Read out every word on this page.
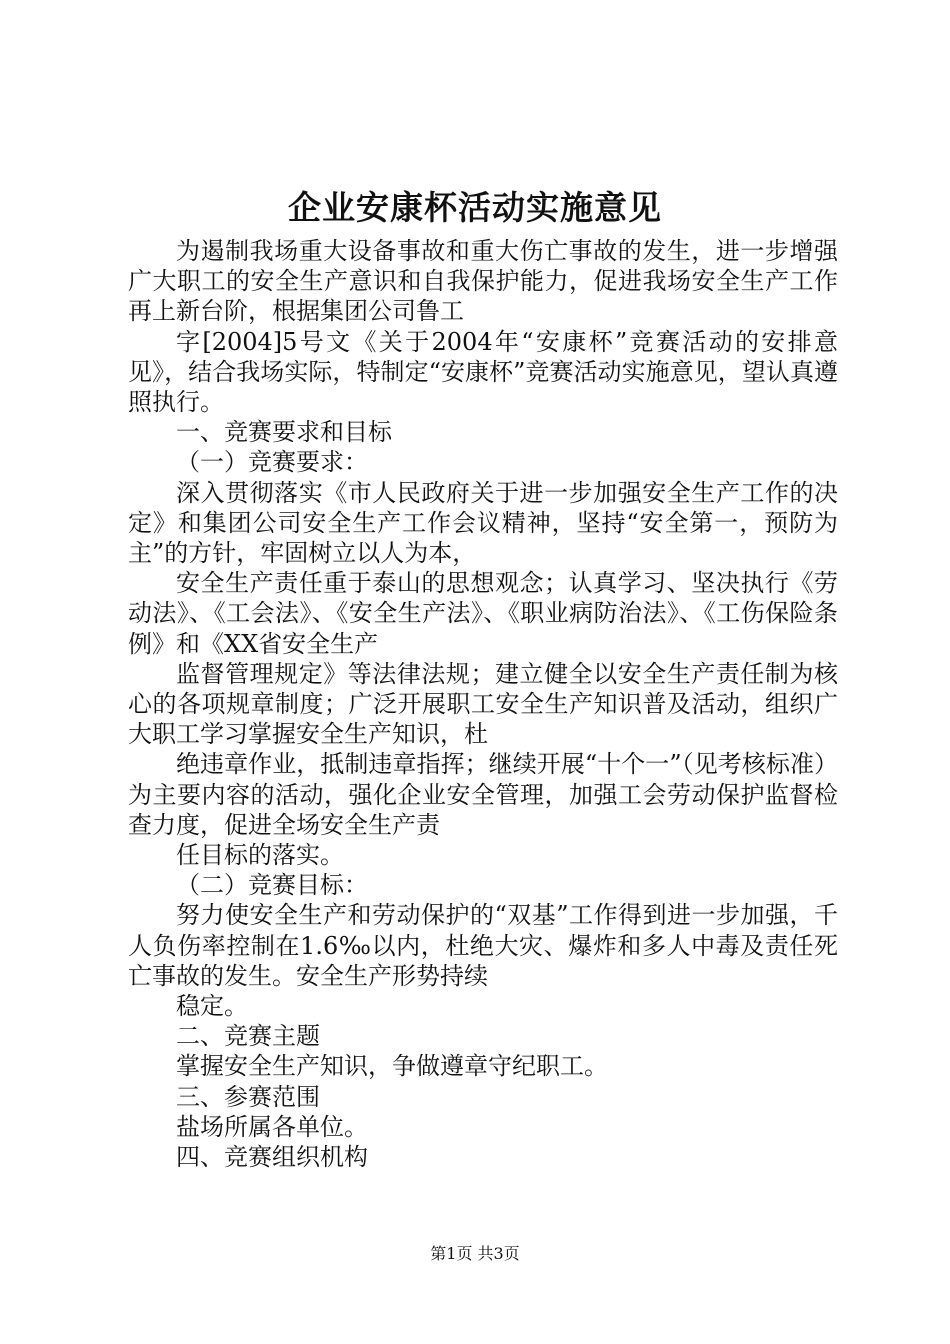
企业安康杯活动实施意见

为遏制我场重大设备事故和重大伤亡事故的发生，进一步增强广大职工的安全生产意识和自我保护能力，促进我场安全生产工作再上新台阶，根据集团公司鲁工

字[2004]5号文《关于2004年“安康杯”竞赛活动的安排意见》，结合我场实际，特制定“安康杯”竞赛活动实施意见，望认真遵照执行。

一、竞赛要求和目标

（一）竞赛要求：

深入贯彻落实《市人民政府关于进一步加强安全生产工作的决定》和集团公司安全生产工作会议精神，坚持“安全第一，预防为主”的方针，牢固树立以人为本，

安全生产责任重于泰山的思想观念；认真学习、坚决执行《劳动法》、《工会法》、《安全生产法》、《职业病防治法》、《工伤保险条例》和《XX省安全生产

监督管理规定》等法律法规；建立健全以安全生产责任制为核心的各项规章制度；广泛开展职工安全生产知识普及活动，组织广大职工学习掌握安全生产知识，杜

绝违章作业，抵制违章指挥；继续开展“十个一”（见考核标准）为主要内容的活动，强化企业安全管理，加强工会劳动保护监督检查力度，促进全场安全生产责

任目标的落实。

（二）竞赛目标：

努力使安全生产和劳动保护的“双基”工作得到进一步加强，千人负伤率控制在1.6‰以内，杜绝大灾、爆炸和多人中毒及责任死亡事故的发生。安全生产形势持续

稳定。

二、竞赛主题

掌握安全生产知识，争做遵章守纪职工。

三、参赛范围

盐场所属各单位。

四、竞赛组织机构

第1页 共3页
